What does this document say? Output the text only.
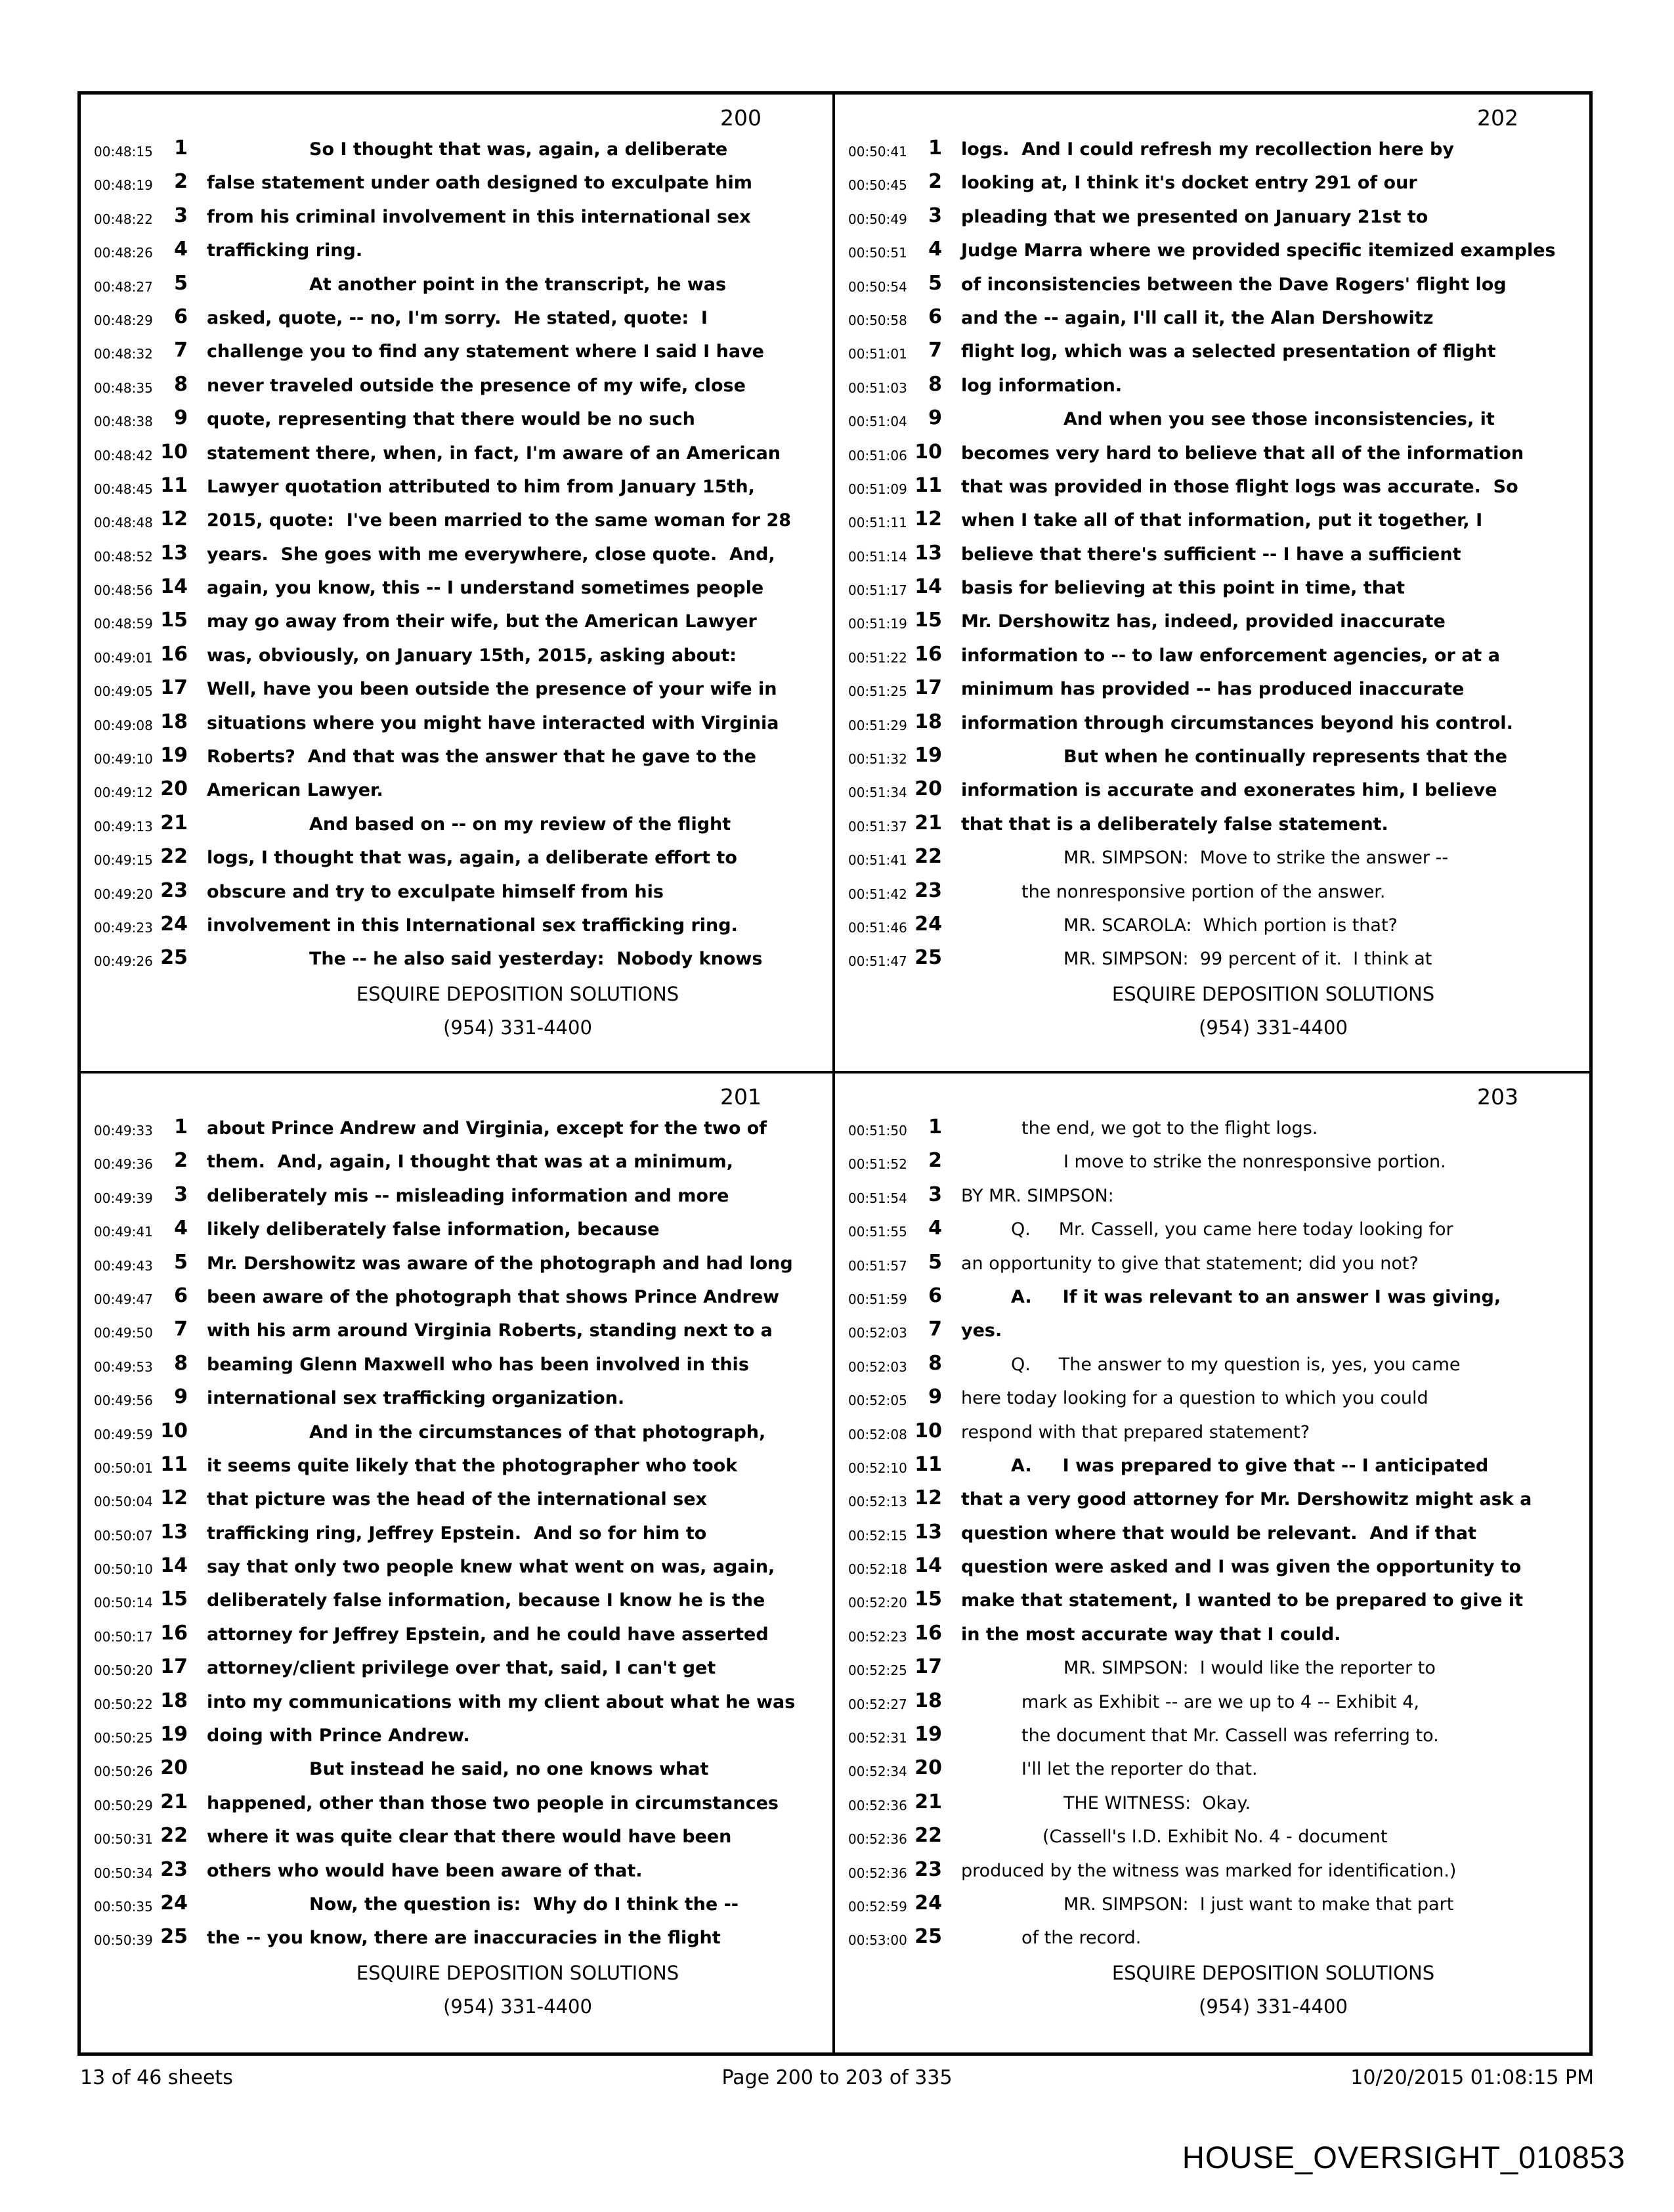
200
00:48:15	1	So I thought that was, again, a deliberate
00:48:19	2 false statement under oath designed to exculpate him
00:48:22	3 from his criminal involvement in this international sex
00:48:26	4 trafficking ring.
00:48:27	5	At another point in the transcript, he was
00:48:29	6 asked, quote, -- no, I'm sorry.  He stated, quote:  I
00:48:32	7 challenge you to find any statement where I said I have
00:48:35	8 never traveled outside the presence of my wife, close
00:48:38	9 quote, representing that there would be no such
00:48:42 10 statement there, when, in fact, I'm aware of an American
00:48:45 11 Lawyer quotation attributed to him from January 15th,
00:48:48 12 2015, quote:  I've been married to the same woman for 28
00:48:52 13 years.  She goes with me everywhere, close quote.  And,
00:48:56 14 again, you know, this -- I understand sometimes people
00:48:59 15 may go away from their wife, but the American Lawyer
00:49:01 16 was, obviously, on January 15th, 2015, asking about:
00:49:05 17 Well, have you been outside the presence of your wife in
00:49:08 18 situations where you might have interacted with Virginia
00:49:10 19 Roberts?  And that was the answer that he gave to the
00:49:12 20 American Lawyer.
00:49:13 21	And based on -- on my review of the flight
00:49:15 22 logs, I thought that was, again, a deliberate effort to
00:49:20 23 obscure and try to exculpate himself from his
00:49:23 24 involvement in this International sex trafficking ring.
00:49:26 25	The -- he also said yesterday:  Nobody knows
ESQUIRE DEPOSITION SOLUTIONS
(954) 331-4400
202
00:50:41	1 logs.  And I could refresh my recollection here by
00:50:45	2 looking at, I think it's docket entry 291 of our
00:50:49	3 pleading that we presented on January 21st to
00:50:51	4 Judge Marra where we provided specific itemized examples
00:50:54	5 of inconsistencies between the Dave Rogers' flight log
00:50:58	6 and the -- again, I'll call it, the Alan Dershowitz
00:51:01	7 flight log, which was a selected presentation of flight
00:51:03	8 log information.
00:51:04	9	And when you see those inconsistencies, it
00:51:06 10 becomes very hard to believe that all of the information
00:51:09 11 that was provided in those flight logs was accurate.  So
00:51:11 12 when I take all of that information, put it together, I
00:51:14 13 believe that there's sufficient -- I have a sufficient
00:51:17 14 basis for believing at this point in time, that
00:51:19 15 Mr. Dershowitz has, indeed, provided inaccurate
00:51:22 16 information to -- to law enforcement agencies, or at a
00:51:25 17 minimum has provided -- has produced inaccurate
00:51:29 18 information through circumstances beyond his control.
00:51:32 19	But when he continually represents that the
00:51:34 20 information is accurate and exonerates him, I believe
00:51:37 21 that that is a deliberately false statement.
00:51:41 22	MR. SIMPSON:  Move to strike the answer --
00:51:42 23	the nonresponsive portion of the answer.
00:51:46 24	MR. SCAROLA:  Which portion is that?
00:51:47 25	MR. SIMPSON:  99 percent of it.  I think at
ESQUIRE DEPOSITION SOLUTIONS
(954) 331-4400
201
00:49:33	1 about Prince Andrew and Virginia, except for the two of
00:49:36	2 them.  And, again, I thought that was at a minimum,
00:49:39	3 deliberately mis -- misleading information and more
00:49:41	4 likely deliberately false information, because
00:49:43	5 Mr. Dershowitz was aware of the photograph and had long
00:49:47	6 been aware of the photograph that shows Prince Andrew
00:49:50	7 with his arm around Virginia Roberts, standing next to a
00:49:53	8 beaming Glenn Maxwell who has been involved in this
00:49:56	9 international sex trafficking organization.
00:49:59 10	And in the circumstances of that photograph,
00:50:01 11 it seems quite likely that the photographer who took
00:50:04 12 that picture was the head of the international sex
00:50:07 13 trafficking ring, Jeffrey Epstein.  And so for him to
00:50:10 14 say that only two people knew what went on was, again,
00:50:14 15 deliberately false information, because I know he is the
00:50:17 16 attorney for Jeffrey Epstein, and he could have asserted
00:50:20 17 attorney/client privilege over that, said, I can't get
00:50:22 18 into my communications with my client about what he was
00:50:25 19 doing with Prince Andrew.
00:50:26 20	But instead he said, no one knows what
00:50:29 21 happened, other than those two people in circumstances
00:50:31 22 where it was quite clear that there would have been
00:50:34 23 others who would have been aware of that.
00:50:35 24	Now, the question is:  Why do I think the --
00:50:39 25 the -- you know, there are inaccuracies in the flight
ESQUIRE DEPOSITION SOLUTIONS
(954) 331-4400
203
00:51:50	1	the end, we got to the flight logs.
00:51:52	2	I move to strike the nonresponsive portion.
00:51:54	3 BY MR. SIMPSON:
00:51:55	4	Q.     Mr. Cassell, you came here today looking for
00:51:57	5 an opportunity to give that statement; did you not?
00:51:59	6	A.     If it was relevant to an answer I was giving,
00:52:03	7 yes.
00:52:03	8	Q.     The answer to my question is, yes, you came
00:52:05	9 here today looking for a question to which you could
00:52:08 10 respond with that prepared statement?
00:52:10 11	A.     I was prepared to give that -- I anticipated
00:52:13 12 that a very good attorney for Mr. Dershowitz might ask a
00:52:15 13 question where that would be relevant.  And if that
00:52:18 14 question were asked and I was given the opportunity to
00:52:20 15 make that statement, I wanted to be prepared to give it
00:52:23 16 in the most accurate way that I could.
00:52:25 17	MR. SIMPSON:  I would like the reporter to
00:52:27 18	mark as Exhibit -- are we up to 4 -- Exhibit 4,
00:52:31 19	the document that Mr. Cassell was referring to.
00:52:34 20	I'll let the reporter do that.
00:52:36 21	THE WITNESS:  Okay.
00:52:36 22	(Cassell's I.D. Exhibit No. 4 - document
00:52:36 23 produced by the witness was marked for identification.)
00:52:59 24	MR. SIMPSON:  I just want to make that part
00:53:00 25	of the record.
ESQUIRE DEPOSITION SOLUTIONS
(954) 331-4400
13 of 46 sheets	Page 200 to 203 of 335	10/20/2015 01:08:15 PM
HOUSE_OVERSIGHT_010853
